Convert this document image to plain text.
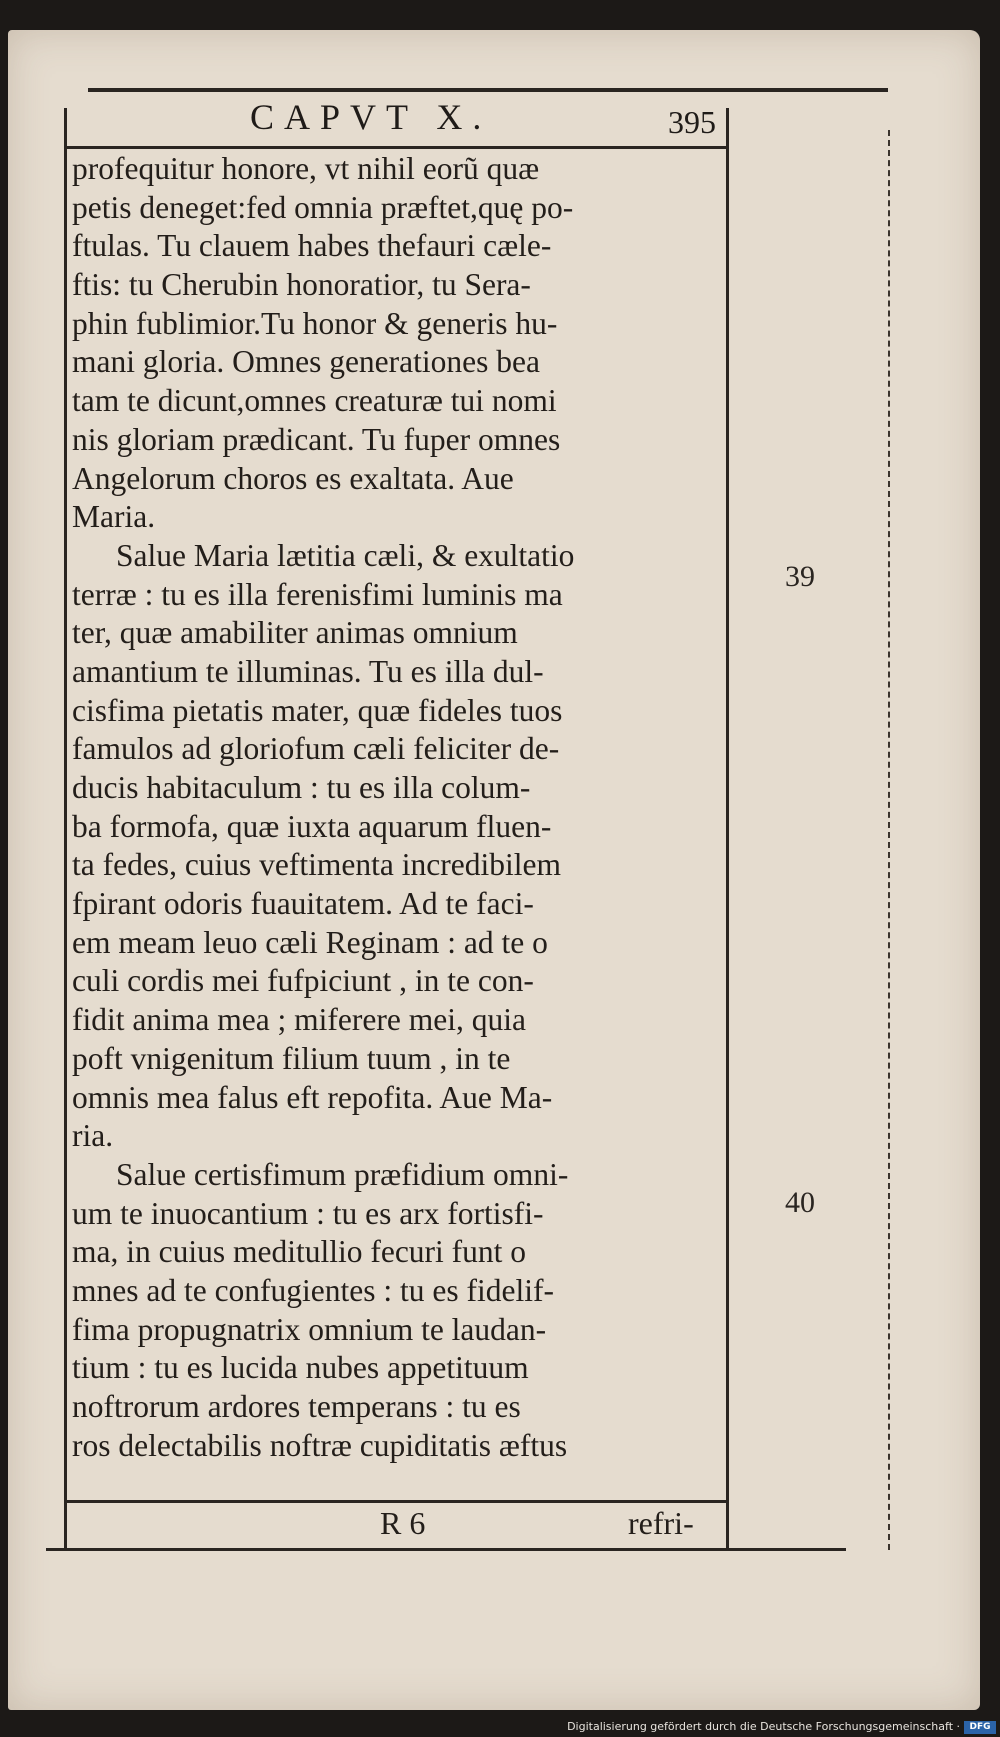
CAPVT X.	395
profequitur honore, vt nihil eorũ quæ
petis deneget:fed omnia præftet,quę po-
ftulas. Tu clauem habes thefauri cæle-
ftis: tu Cherubin honoratior, tu Sera-
phin fublimior.Tu honor & generis hu-
mani gloria. Omnes generationes bea
tam te dicunt,omnes creaturæ tui nomi
nis gloriam prædicant. Tu fuper omnes
Angelorum choros es exaltata. Aue
Maria.
Salue Maria lætitia cæli, & exultatio
terræ : tu es illa ferenisfimi luminis ma
ter, quæ amabiliter animas omnium
amantium te illuminas. Tu es illa dul-
cisfima pietatis mater, quæ fideles tuos
famulos ad gloriofum cæli feliciter de-
ducis habitaculum : tu es illa colum-
ba formofa, quæ iuxta aquarum fluen-
ta fedes, cuius veftimenta incredibilem
fpirant odoris fuauitatem. Ad te faci-
em meam leuo cæli Reginam : ad te o
culi cordis mei fufpiciunt , in te con-
fidit anima mea ; miferere mei, quia
poft vnigenitum filium tuum , in te
omnis mea falus eft repofita. Aue Ma-
ria.
Salue certisfimum præfidium omni-
um te inuocantium : tu es arx fortisfi-
ma, in cuius meditullio fecuri funt o
mnes ad te confugientes : tu es fidelif-
fima propugnatrix omnium te laudan-
tium : tu es lucida nubes appetituum
noftrorum ardores temperans : tu es
ros delectabilis noftræ cupiditatis æftus
39
40
R 6	refri-
Digitalisierung gefördert durch die Deutsche Forschungsgemeinschaft ·	DFG
